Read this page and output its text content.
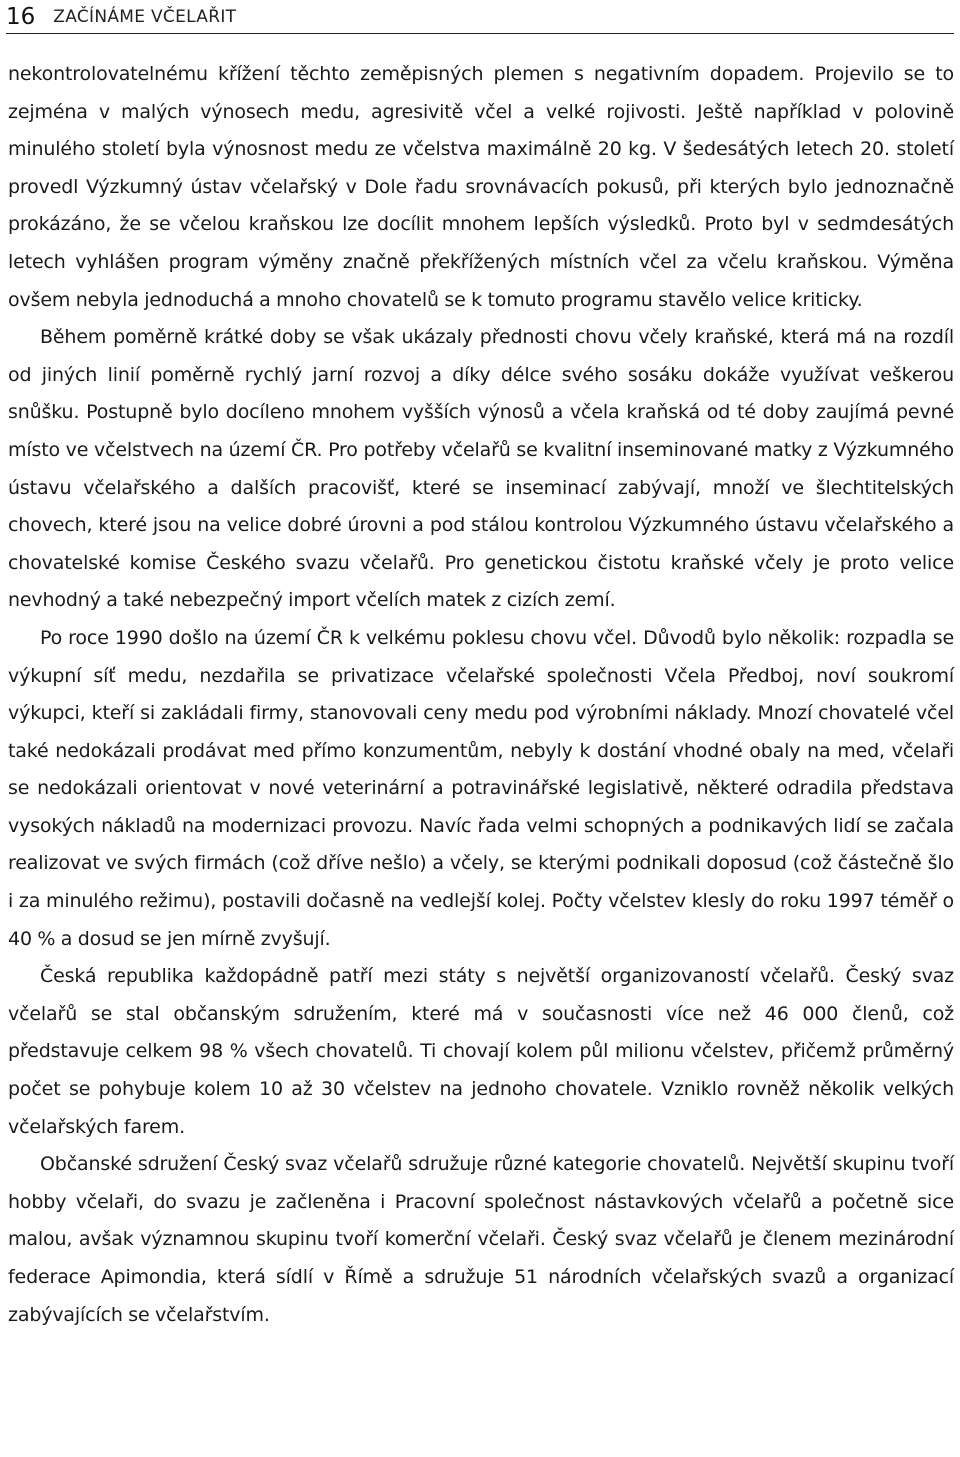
16 ZAČÍNÁME VČELAŘIT

nekontrolovatelnému křížení těchto zeměpisných plemen s negativním dopadem. Projevilo se to zejména v malých výnosech medu, agresivitě včel a velké rojivosti. Ještě například v polovině minulého století byla výnosnost medu ze včelstva maximálně 20 kg. V šedesátých letech 20. století provedl Výzkumný ústav včelařský v Dole řadu srovnávacích pokusů, při kterých bylo jednoznačně prokázáno, že se včelou kraňskou lze docílit mnohem lepších výsledků. Proto byl v sedmdesátých letech vyhlášen program výměny značně překřížených místních včel za včelu kraňskou. Výměna ovšem nebyla jednoduchá a mnoho chovatelů se k tomuto programu stavělo velice kriticky.

Během poměrně krátké doby se však ukázaly přednosti chovu včely kraňské, která má na rozdíl od jiných linií poměrně rychlý jarní rozvoj a díky délce svého sosáku dokáže využívat veškerou snůšku. Postupně bylo docíleno mnohem vyšších výnosů a včela kraňská od té doby zaujímá pevné místo ve včelstvech na území ČR. Pro potřeby včelařů se kvalitní inseminované matky z Výzkumného ústavu včelařského a dalších pracovišť, které se inseminací zabývají, množí ve šlechtitelských chovech, které jsou na velice dobré úrovni a pod stálou kontrolou Výzkumného ústavu včelařského a chovatelské komise Českého svazu včelařů. Pro genetickou čistotu kraňské včely je proto velice nevhodný a také nebezpečný import včelích matek z cizích zemí.

Po roce 1990 došlo na území ČR k velkému poklesu chovu včel. Důvodů bylo několik: rozpadla se výkupní síť medu, nezdařila se privatizace včelařské společnosti Včela Předboj, noví soukromí výkupci, kteří si zakládali firmy, stanovovali ceny medu pod výrobními náklady. Mnozí chovatelé včel také nedokázali prodávat med přímo konzumentům, nebyly k dostání vhodné obaly na med, včelaři se nedokázali orientovat v nové veterinární a potravinářské legislativě, některé odradila představa vysokých nákladů na modernizaci provozu. Navíc řada velmi schopných a podnikavých lidí se začala realizovat ve svých firmách (což dříve nešlo) a včely, se kterými podnikali doposud (což částečně šlo i za minulého režimu), postavili dočasně na vedlejší kolej. Počty včelstev klesly do roku 1997 téměř o 40 % a dosud se jen mírně zvyšují.

Česká republika každopádně patří mezi státy s největší organizovaností včelařů. Český svaz včelařů se stal občanským sdružením, které má v současnosti více než 46 000 členů, což představuje celkem 98 % všech chovatelů. Ti chovají kolem půl milionu včelstev, přičemž průměrný počet se pohybuje kolem 10 až 30 včelstev na jednoho chovatele. Vzniklo rovněž několik velkých včelařských farem.

Občanské sdružení Český svaz včelařů sdružuje různé kategorie chovatelů. Největší skupinu tvoří hobby včelaři, do svazu je začleněna i Pracovní společnost nástavkových včelařů a početně sice malou, avšak významnou skupinu tvoří komerční včelaři. Český svaz včelařů je členem mezinárodní federace Apimondia, která sídlí v Římě a sdružuje 51 národních včelařských svazů a organizací zabývajících se včelařstvím.
